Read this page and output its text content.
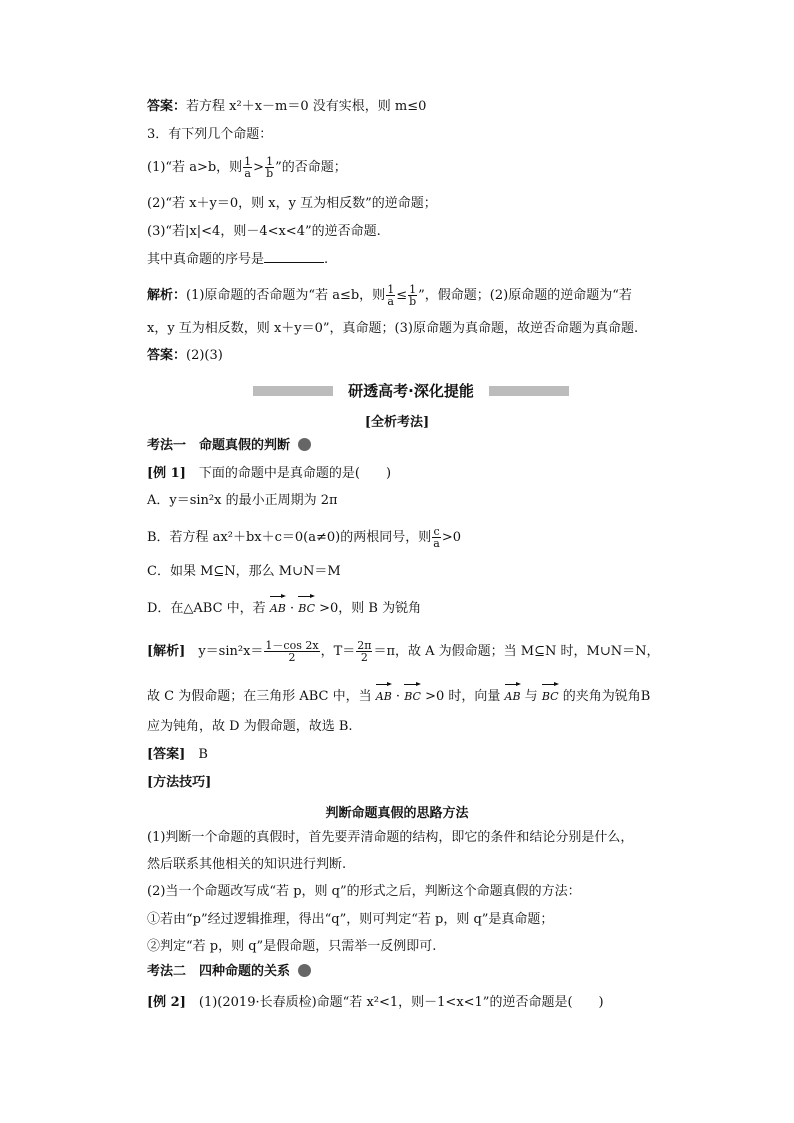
答案：若方程 x²＋x－m＝0 没有实根，则 m≤0
3．有下列几个命题：
(1)“若 a>b，则 $\frac{1}{a} > \frac{1}{b}$ ”的否命题；
(2)“若 x＋y＝0，则 x，y 互为相反数”的逆命题；
(3)“若|x|<4，则－4<x<4”的逆否命题.
其中真命题的序号是	.
解析：(1)原命题的否命题为“若 a≤b，则 $\frac{1}{a} \le \frac{1}{b}$ ”，假命题；(2)原命题的逆命题为“若
x，y 互为相反数，则 x＋y＝0”，真命题；(3)原命题为真命题，故逆否命题为真命题.
答案：(2)(3)
研透高考·深化提能
[全析考法]
考法一　命题真假的判断
[例 1]　 下面的命题中是真命题的是(　　)
A．y＝sin²x 的最小正周期为 2π
B．若方程 ax²＋bx＋c＝0(a≠0)的两根同号，则 $\frac{c}{a} >0$
C．如果 M⊆N，那么 M∪N＝M
D．在△ABC 中，若 AB · BC >0，则 B 为锐角
[解析]　 $y=\sin^2x= \frac{1-\cos 2x}{2}$ ，$T= \frac{2\pi}{2} =\pi$，故 A 为假命题；当 M⊆N 时，M∪N＝N，
故 C 为假命题；在三角形 ABC 中，当 AB · BC >0 时，向量 AB 与 BC 的夹角为锐角B
应为钝角，故 D 为假命题，故选 B.
[答案]　 B
[方法技巧]
判断命题真假的思路方法
(1)判断一个命题的真假时，首先要弄清命题的结构，即它的条件和结论分别是什么，
然后联系其他相关的知识进行判断.
(2)当一个命题改写成“若 p，则 q”的形式之后，判断这个命题真假的方法：
①若由“p”经过逻辑推理，得出“q”，则可判定“若 p，则 q”是真命题；
②判定“若 p，则 q”是假命题，只需举一反例即可.
考法二　四种命题的关系
[例 2]　 (1)(2019·长春质检)命题“若 x²<1，则－1<x<1”的逆否命题是(　　)
